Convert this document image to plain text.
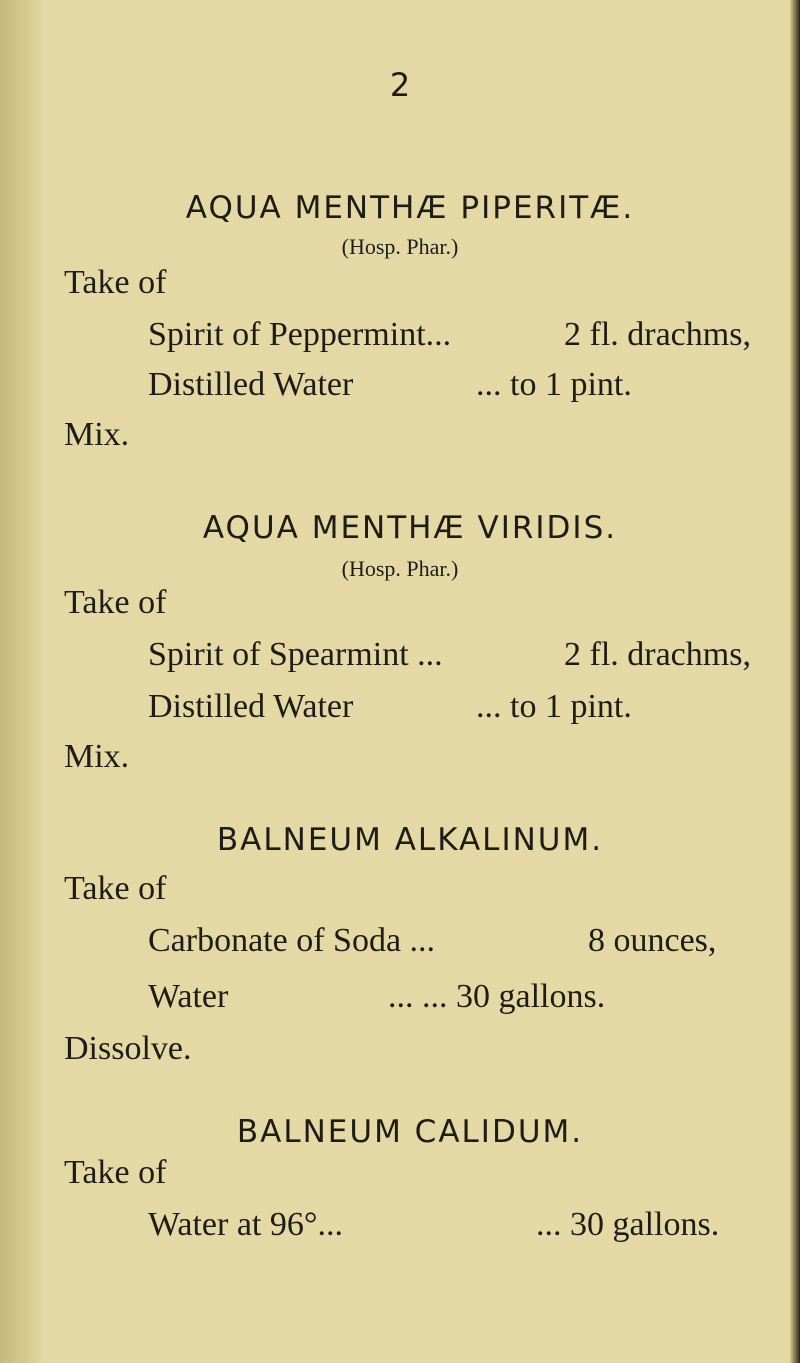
2
AQUA MENTHÆ PIPERITÆ.
(Hosp. Phar.)
Take of
Spirit of Peppermint...	2 fl. drachms,
Distilled Water	... to 1 pint.
Mix.
AQUA MENTHÆ VIRIDIS.
(Hosp. Phar.)
Take of
Spirit of Spearmint ...	2 fl. drachms,
Distilled Water	... to 1 pint.
Mix.
BALNEUM ALKALINUM.
Take of
Carbonate of Soda ...	8 ounces,
Water	... ... 30 gallons.
Dissolve.
BALNEUM CALIDUM.
Take of
Water at 96°...	... 30 gallons.
